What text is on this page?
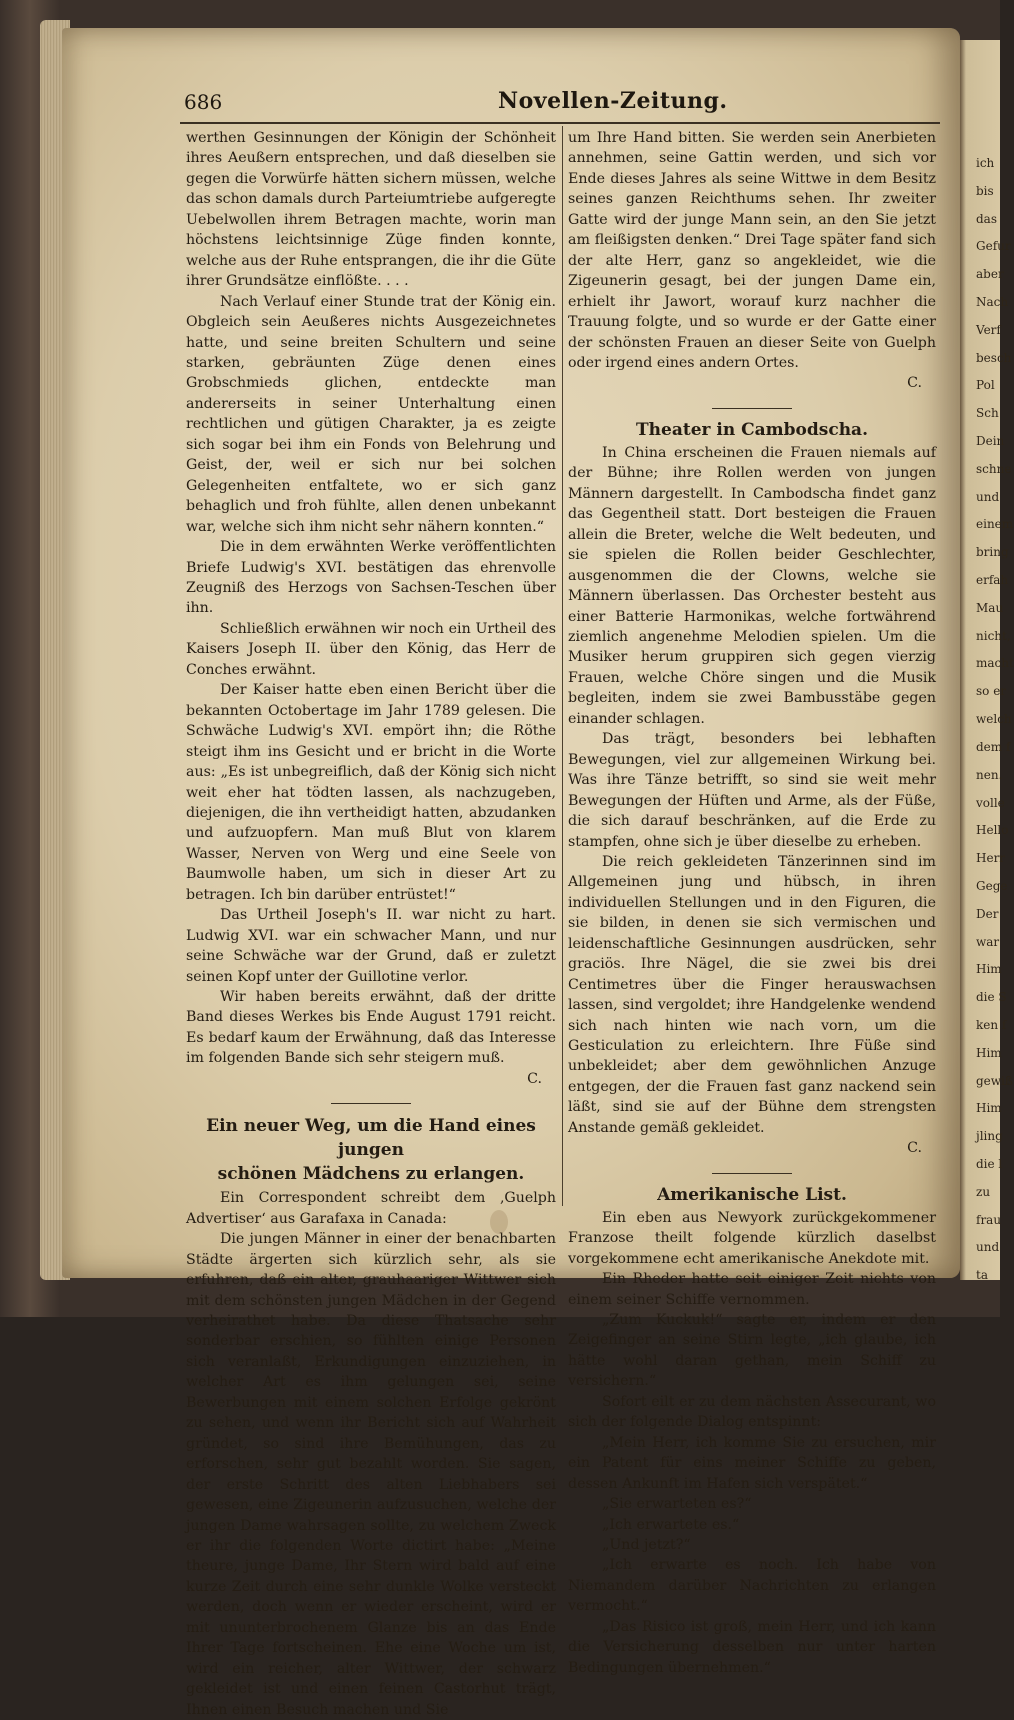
ich
bis
das
Gefur
aber
Nach
Verf
besch
Pol
Sch
Dein
schne
und
einem
bring
erfah
Mau
nicht,
macht
so er
welch
dem f
nen.
volle
Hello
Herr
Gege
Der
war
Him
die S
ken f
Him
gewiß
Him
jling
die l
zu
frau
und
ta
686	Novellen-Zeitung.

werthen Gesinnungen der Königin der Schönheit ihres Aeußern entsprechen, und daß dieselben sie gegen die Vorwürfe hätten sichern müssen, welche das schon damals durch Parteiumtriebe aufgeregte Uebelwollen ihrem Betragen machte, worin man höchstens leichtsinnige Züge finden konnte, welche aus der Ruhe entsprangen, die ihr die Güte ihrer Grundsätze einflößte. . . .

Nach Verlauf einer Stunde trat der König ein. Obgleich sein Aeußeres nichts Ausgezeichnetes hatte, und seine breiten Schultern und seine starken, gebräunten Züge denen eines Grobschmieds glichen, entdeckte man andererseits in seiner Unterhaltung einen rechtlichen und gütigen Charakter, ja es zeigte sich sogar bei ihm ein Fonds von Belehrung und Geist, der, weil er sich nur bei solchen Gelegenheiten entfaltete, wo er sich ganz behaglich und froh fühlte, allen denen unbekannt war, welche sich ihm nicht sehr nähern konnten.“

Die in dem erwähnten Werke veröffentlichten Briefe Ludwig's XVI. bestätigen das ehrenvolle Zeugniß des Herzogs von Sachsen-Teschen über ihn.

Schließlich erwähnen wir noch ein Urtheil des Kaisers Joseph II. über den König, das Herr de Conches erwähnt.

Der Kaiser hatte eben einen Bericht über die bekannten Octobertage im Jahr 1789 gelesen. Die Schwäche Ludwig's XVI. empört ihn; die Röthe steigt ihm ins Gesicht und er bricht in die Worte aus: „Es ist unbegreiflich, daß der König sich nicht weit eher hat tödten lassen, als nachzugeben, diejenigen, die ihn vertheidigt hatten, abzudanken und aufzuopfern. Man muß Blut von klarem Wasser, Nerven von Werg und eine Seele von Baumwolle haben, um sich in dieser Art zu betragen. Ich bin darüber entrüstet!“

Das Urtheil Joseph's II. war nicht zu hart. Ludwig XVI. war ein schwacher Mann, und nur seine Schwäche war der Grund, daß er zuletzt seinen Kopf unter der Guillotine verlor.

Wir haben bereits erwähnt, daß der dritte Band dieses Werkes bis Ende August 1791 reicht. Es bedarf kaum der Erwähnung, daß das Interesse im folgenden Bande sich sehr steigern muß.

C.

Ein neuer Weg, um die Hand eines jungen
schönen Mädchens zu erlangen.

Ein Correspondent schreibt dem ‚Guelph Advertiser‘ aus Garafaxa in Canada:

Die jungen Männer in einer der benachbarten Städte ärgerten sich kürzlich sehr, als sie erfuhren, daß ein alter, grauhaariger Wittwer sich mit dem schönsten jungen Mädchen in der Gegend verheirathet habe. Da diese Thatsache sehr sonderbar erschien, so fühlten einige Personen sich veranlaßt, Erkundigungen einzuziehen, in welcher Art es ihm gelungen sei, seine Bewerbungen mit einem solchen Erfolge gekrönt zu sehen, und wenn ihr Bericht sich auf Wahrheit gründet, so sind ihre Bemühungen, das zu erforschen, sehr gut bezahlt worden. Sie sagen, der erste Schritt des alten Liebhabers sei gewesen, eine Zigeunerin aufzusuchen, welche der jungen Dame wahrsagen sollte, zu welchem Zweck er ihr die folgenden Worte dictirt habe: „Meine theure, junge Dame, Ihr Stern wird bald auf eine kurze Zeit durch eine sehr dunkle Wolke versteckt werden, doch wenn er wieder erscheint, wird er mit ununterbrochenem Glanze bis an das Ende Ihrer Tage fortscheinen. Ehe eine Woche um ist, wird ein reicher, alter Wittwer, der schwarz gekleidet ist und einen feinen Castorhut trägt, Ihnen einen Besuch machen und Sie

um Ihre Hand bitten. Sie werden sein Anerbieten annehmen, seine Gattin werden, und sich vor Ende dieses Jahres als seine Wittwe in dem Besitz seines ganzen Reichthums sehen. Ihr zweiter Gatte wird der junge Mann sein, an den Sie jetzt am fleißigsten denken.“ Drei Tage später fand sich der alte Herr, ganz so angekleidet, wie die Zigeunerin gesagt, bei der jungen Dame ein, erhielt ihr Jawort, worauf kurz nachher die Trauung folgte, und so wurde er der Gatte einer der schönsten Frauen an dieser Seite von Guelph oder irgend eines andern Ortes.

C.

Theater in Cambodscha.

In China erscheinen die Frauen niemals auf der Bühne; ihre Rollen werden von jungen Männern dargestellt. In Cambodscha findet ganz das Gegentheil statt. Dort besteigen die Frauen allein die Breter, welche die Welt bedeuten, und sie spielen die Rollen beider Geschlechter, ausgenommen die der Clowns, welche sie Männern überlassen. Das Orchester besteht aus einer Batterie Harmonikas, welche fortwährend ziemlich angenehme Melodien spielen. Um die Musiker herum gruppiren sich gegen vierzig Frauen, welche Chöre singen und die Musik begleiten, indem sie zwei Bambusstäbe gegen einander schlagen.

Das trägt, besonders bei lebhaften Bewegungen, viel zur allgemeinen Wirkung bei. Was ihre Tänze betrifft, so sind sie weit mehr Bewegungen der Hüften und Arme, als der Füße, die sich darauf beschränken, auf die Erde zu stampfen, ohne sich je über dieselbe zu erheben.

Die reich gekleideten Tänzerinnen sind im Allgemeinen jung und hübsch, in ihren individuellen Stellungen und in den Figuren, die sie bilden, in denen sie sich vermischen und leidenschaftliche Gesinnungen ausdrücken, sehr graciös. Ihre Nägel, die sie zwei bis drei Centimetres über die Finger herauswachsen lassen, sind vergoldet; ihre Handgelenke wendend sich nach hinten wie nach vorn, um die Gesticulation zu erleichtern. Ihre Füße sind unbekleidet; aber dem gewöhnlichen Anzuge entgegen, der die Frauen fast ganz nackend sein läßt, sind sie auf der Bühne dem strengsten Anstande gemäß gekleidet.

C.

Amerikanische List.

Ein eben aus Newyork zurückgekommener Franzose theilt folgende kürzlich daselbst vorgekommene echt amerikanische Anekdote mit.

Ein Rheder hatte seit einiger Zeit nichts von einem seiner Schiffe vernommen.

„Zum Kuckuk!“ sagte er, indem er den Zeigefinger an seine Stirn legte, „ich glaube, ich hätte wohl daran gethan, mein Schiff zu versichern.“

Sofort eilt er zu dem nächsten Assecurant, wo sich der folgende Dialog entspinnt:

„Mein Herr, ich komme Sie zu ersuchen, mir ein Patent für eins meiner Schiffe zu geben, dessen Ankunft im Hafen sich verspätet.“

„Sie erwarteten es?“

„Ich erwartete es.“

„Und jetzt?“

„Ich erwarte es noch. Ich habe von Niemandem darüber Nachrichten zu erlangen vermocht.“

„Das Risico ist groß, mein Herr, und ich kann die Versicherung desselben nur unter harten Bedingungen übernehmen.“
